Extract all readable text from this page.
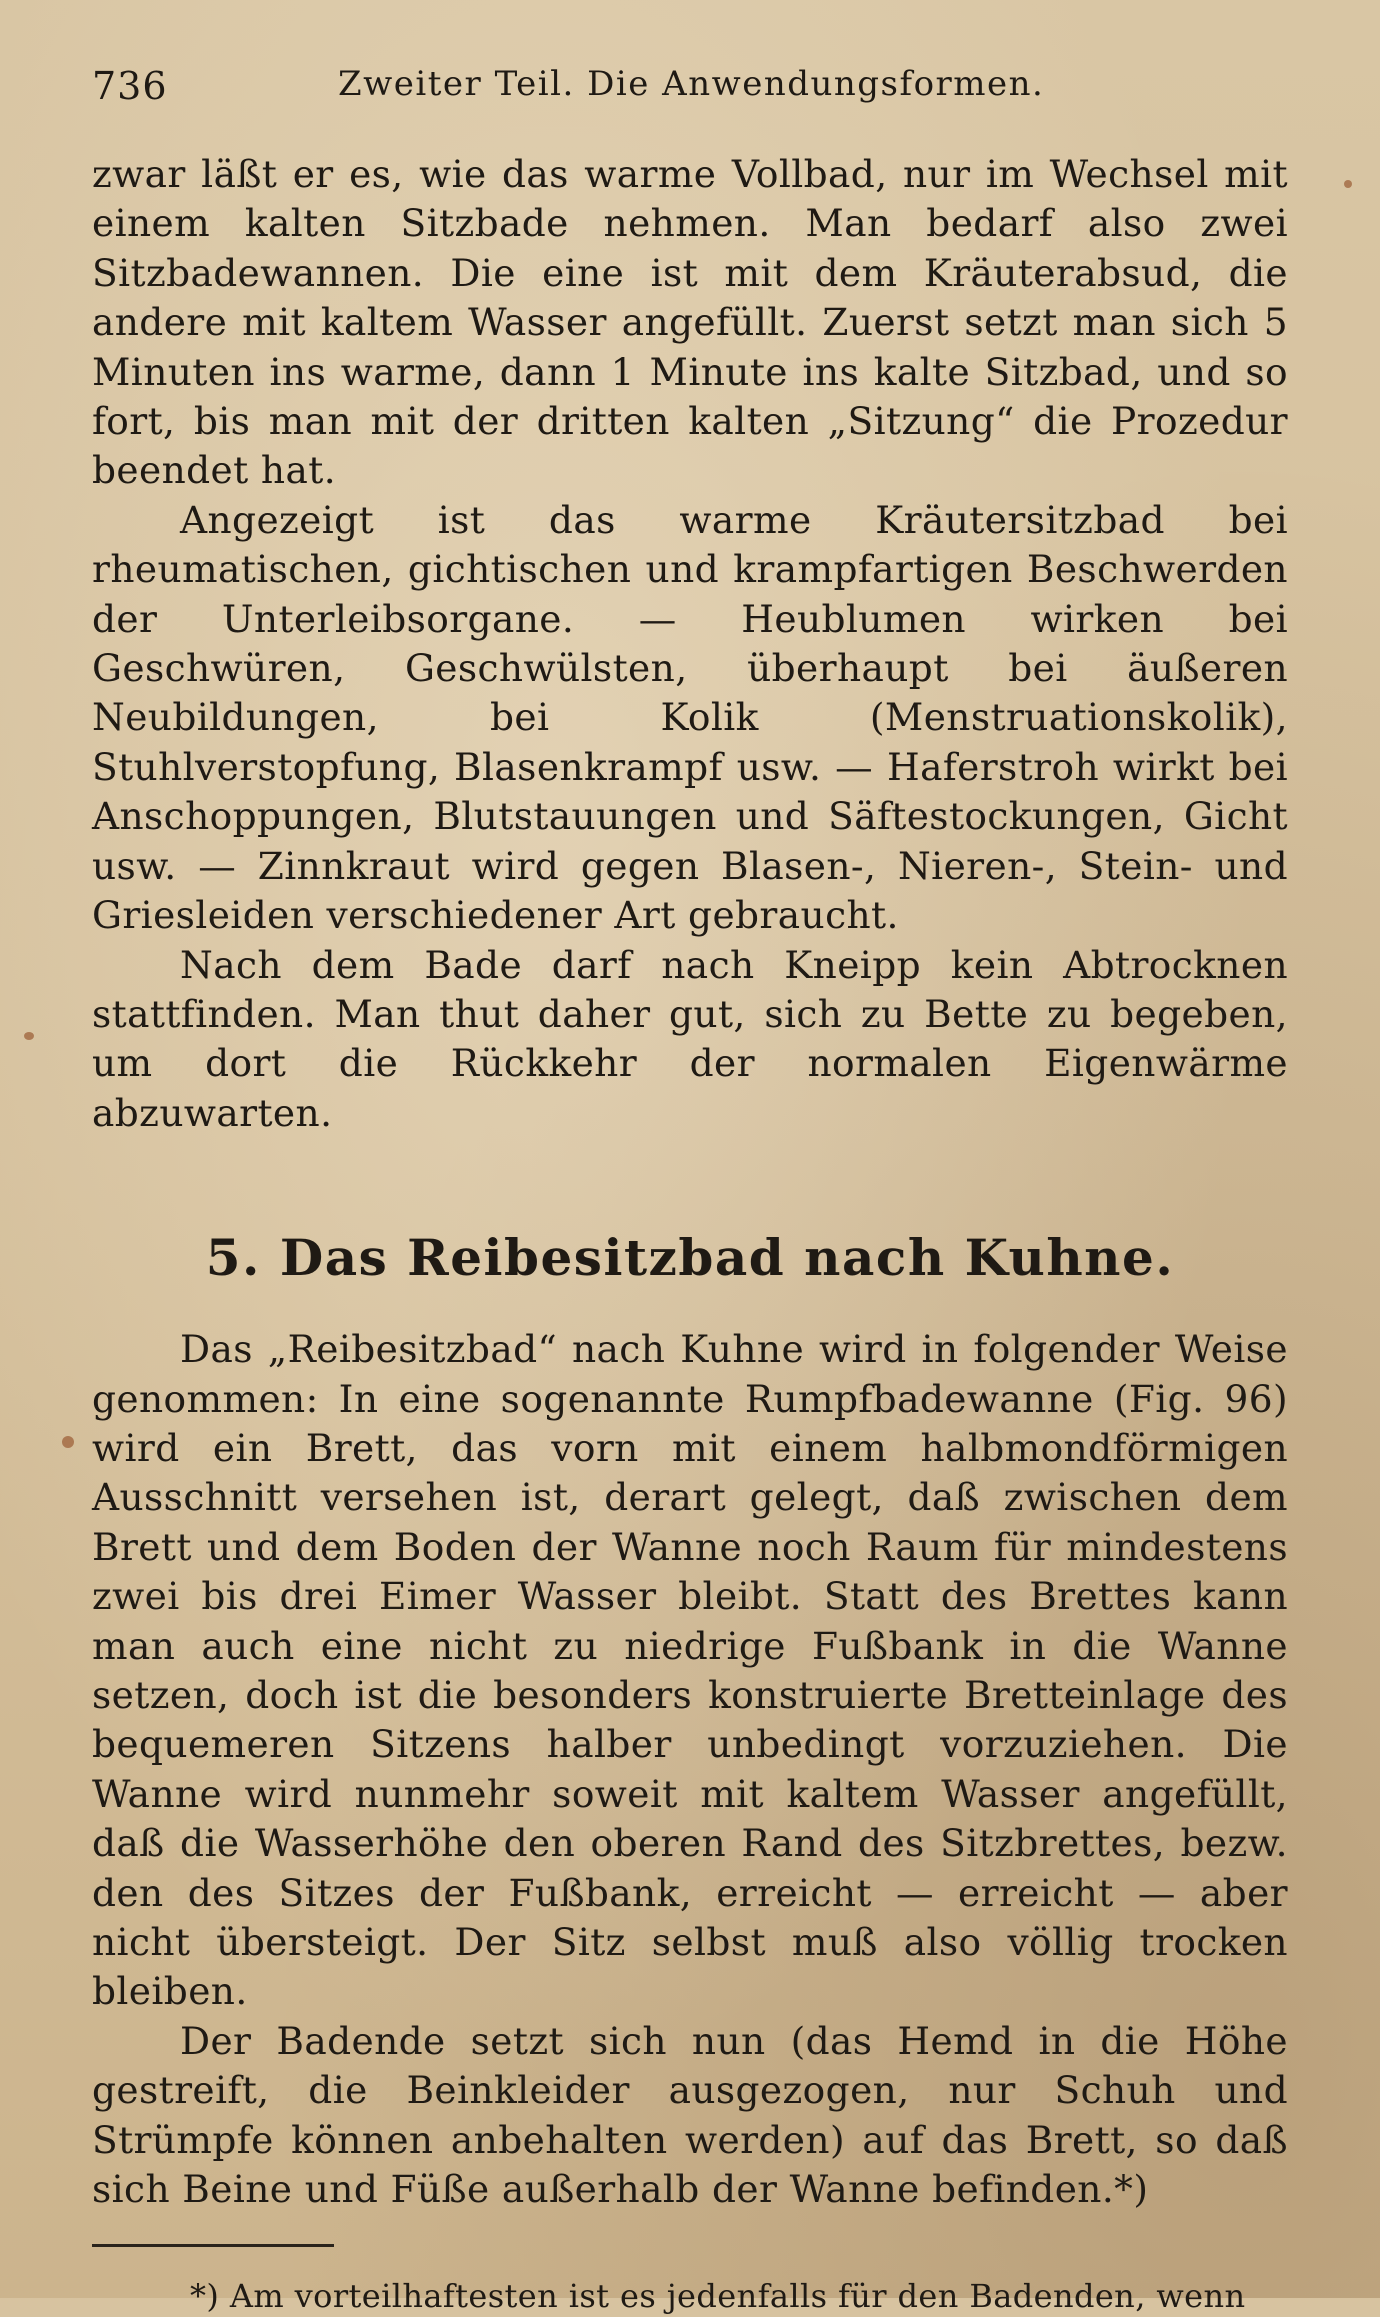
736	Zweiter Teil. Die Anwendungsformen.

zwar läßt er es, wie das warme Vollbad, nur im Wechsel mit einem kalten Sitzbade nehmen. Man bedarf also zwei Sitzbadewannen. Die eine ist mit dem Kräuterabsud, die andere mit kaltem Wasser angefüllt. Zuerst setzt man sich 5 Minuten ins warme, dann 1 Minute ins kalte Sitzbad, und so fort, bis man mit der dritten kalten „Sitzung“ die Prozedur beendet hat.

Angezeigt ist das warme Kräutersitzbad bei rheumatischen, gichtischen und krampfartigen Beschwerden der Unterleibsorgane. — Heublumen wirken bei Geschwüren, Geschwülsten, überhaupt bei äußeren Neubildungen, bei Kolik (Menstruationskolik), Stuhlverstopfung, Blasenkrampf usw. — Haferstroh wirkt bei Anschoppungen, Blutstauungen und Säftestockungen, Gicht usw. — Zinnkraut wird gegen Blasen-, Nieren-, Stein- und Griesleiden verschiedener Art gebraucht.

Nach dem Bade darf nach Kneipp kein Abtrocknen stattfinden. Man thut daher gut, sich zu Bette zu begeben, um dort die Rückkehr der normalen Eigenwärme abzuwarten.

5. Das Reibesitzbad nach Kuhne.

Das „Reibesitzbad“ nach Kuhne wird in folgender Weise genommen: In eine sogenannte Rumpfbadewanne (Fig. 96) wird ein Brett, das vorn mit einem halbmondförmigen Ausschnitt versehen ist, derart gelegt, daß zwischen dem Brett und dem Boden der Wanne noch Raum für mindestens zwei bis drei Eimer Wasser bleibt. Statt des Brettes kann man auch eine nicht zu niedrige Fußbank in die Wanne setzen, doch ist die besonders konstruierte Bretteinlage des bequemeren Sitzens halber unbedingt vorzuziehen. Die Wanne wird nunmehr soweit mit kaltem Wasser angefüllt, daß die Wasserhöhe den oberen Rand des Sitzbrettes, bezw. den des Sitzes der Fußbank, erreicht — erreicht — aber nicht übersteigt. Der Sitz selbst muß also völlig trocken bleiben.

Der Badende setzt sich nun (das Hemd in die Höhe gestreift, die Beinkleider ausgezogen, nur Schuh und Strümpfe können anbehalten werden) auf das Brett, so daß sich Beine und Füße außerhalb der Wanne befinden.*)

*) Am vorteilhaftesten ist es jedenfalls für den Badenden, wenn
